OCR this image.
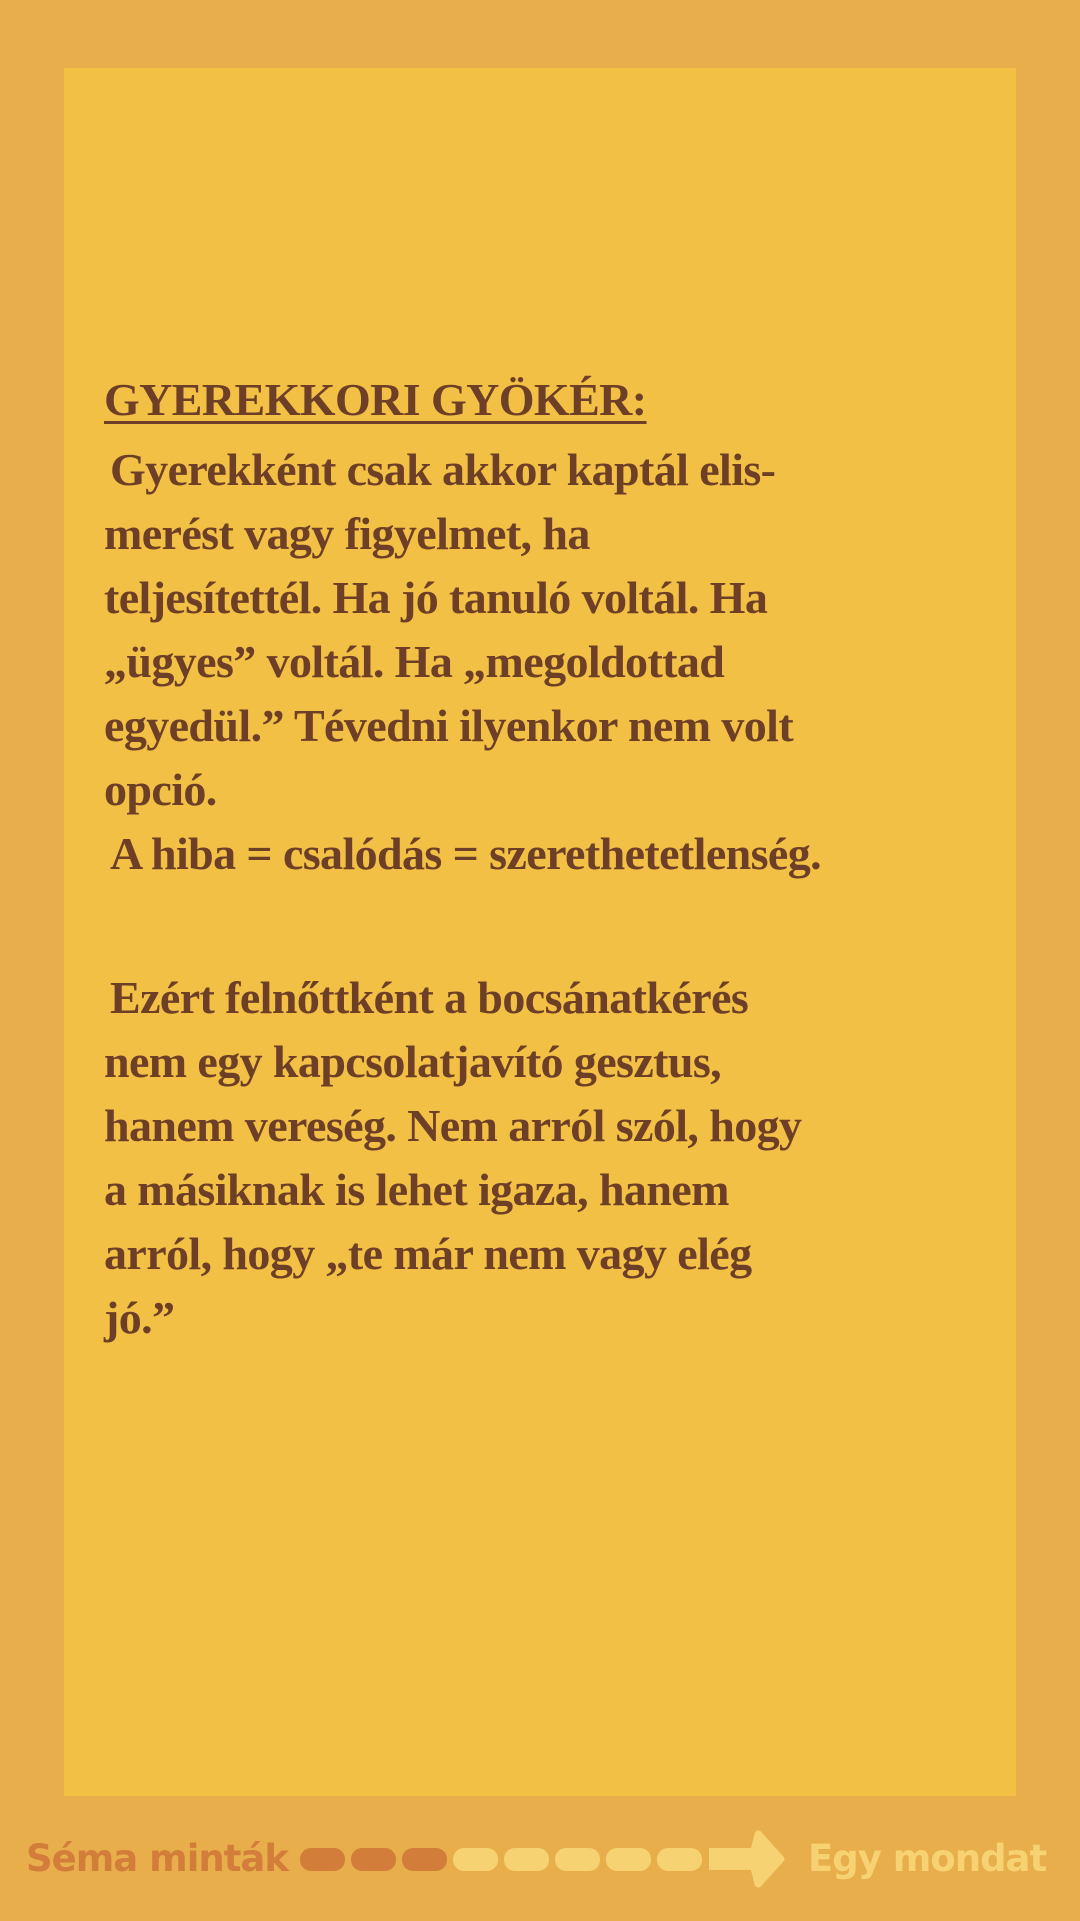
GYEREKKORI GYÖKÉR:
Gyerekként csak akkor kaptál elis-
merést vagy figyelmet, ha
teljesítettél. Ha jó tanuló voltál. Ha
„ügyes” voltál. Ha „megoldottad
egyedül.” Tévedni ilyenkor nem volt
opció.
A hiba = csalódás = szerethetetlenség.
Ezért felnőttként a bocsánatkérés
nem egy kapcsolatjavító gesztus,
hanem vereség. Nem arról szól, hogy
a másiknak is lehet igaza, hanem
arról, hogy „te már nem vagy elég
jó.”
Séma minták	Egy mondat
